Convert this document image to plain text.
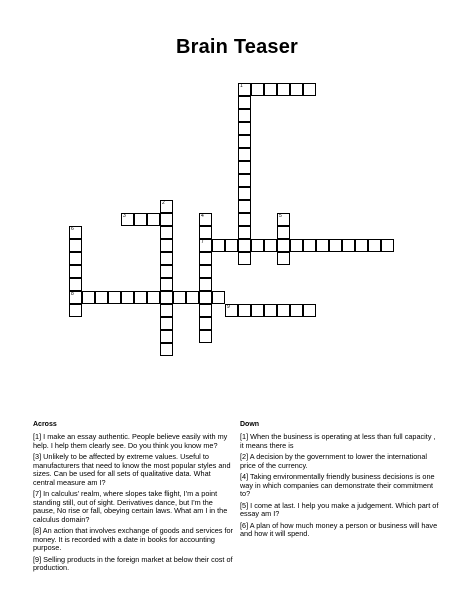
Brain Teaser
1
2
3	4
7
5
6
8
9
Across	Down
[1] I make an essay authentic. People believe easily with my help. I help them clearly see. Do you think you know me?
[3] Unlikely to be affected by extreme values. Useful to manufacturers that need to know the most popular styles and sizes. Can be used for all sets of qualitative data. What central measure am I?
[7] In calculus' realm, where slopes take flight, I'm a point standing still, out of sight. Derivatives dance, but I'm the pause, No rise or fall, obeying certain laws. What am I in the calculus domain?
[8] An action that involves exchange of goods and services for money. It is recorded with a date in books for accounting purpose.
[9] Selling products in the foreign market at below their cost of production.
[1] When the business is operating at less than full capacity , it means there is
[2] A decision by the government to lower the international price of the currency.
[4] Taking environmentally friendly business decisions is one way in which companies can demonstrate their commitment to?
[5] I come at last. I help you make a judgement. Which part of essay am I?
[6] A plan of how much money a person or business will have and how it will spend.
